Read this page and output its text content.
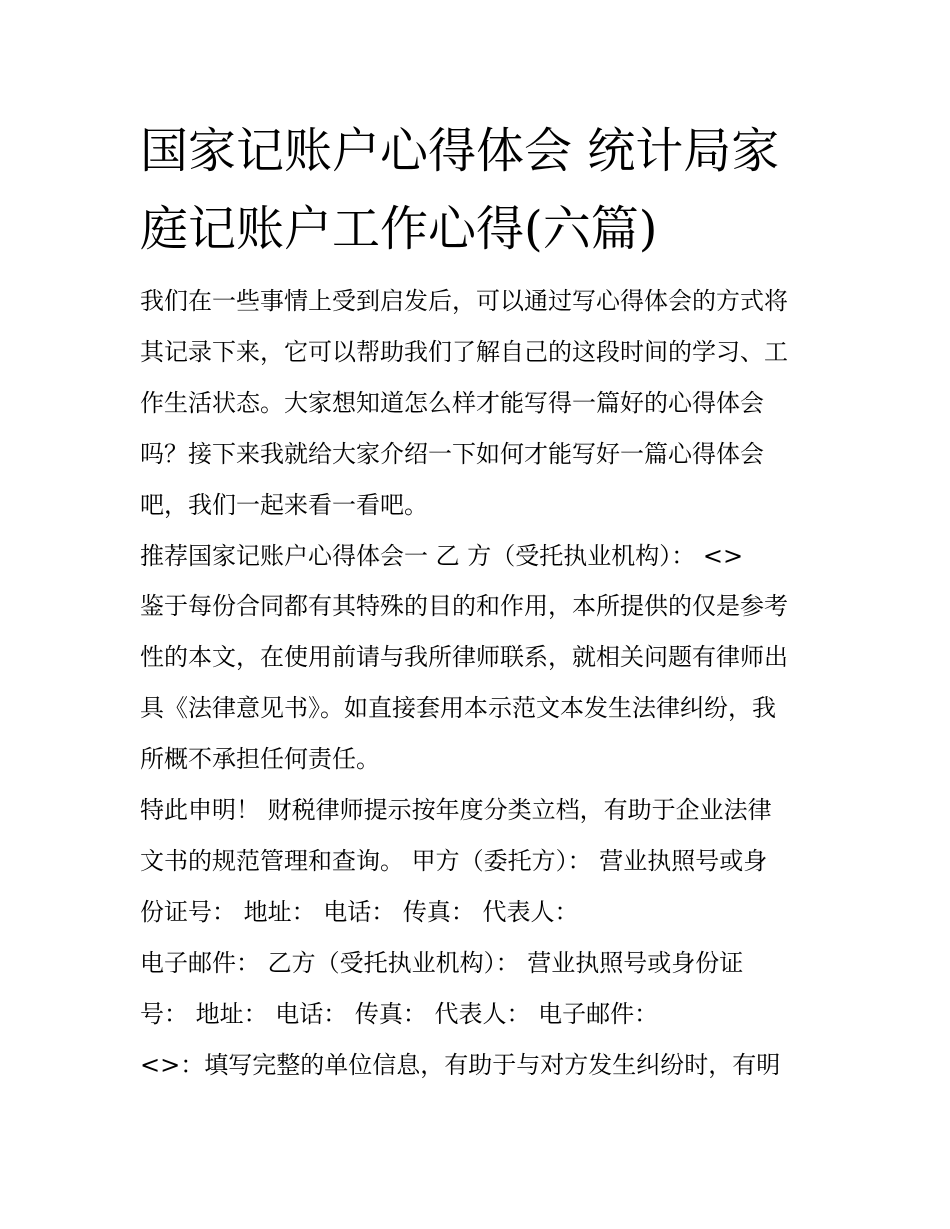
国家记账户心得体会 统计局家
庭记账户工作心得(六篇)
我们在一些事情上受到启发后，可以通过写心得体会的方式将
其记录下来，它可以帮助我们了解自己的这段时间的学习、工
作生活状态。大家想知道怎么样才能写得一篇好的心得体会
吗？接下来我就给大家介绍一下如何才能写好一篇心得体会
吧，我们一起来看一看吧。
推荐国家记账户心得体会一 乙 方（受托执业机构）： <>
鉴于每份合同都有其特殊的目的和作用，本所提供的仅是参考
性的本文，在使用前请与我所律师联系，就相关问题有律师出
具《法律意见书》。如直接套用本示范文本发生法律纠纷，我
所概不承担任何责任。
特此申明！ 财税律师提示按年度分类立档，有助于企业法律
文书的规范管理和查询。 甲方（委托方）： 营业执照号或身
份证号： 地址： 电话： 传真： 代表人：
电子邮件： 乙方（受托执业机构）： 营业执照号或身份证
号： 地址： 电话： 传真： 代表人： 电子邮件：
<>：填写完整的单位信息，有助于与对方发生纠纷时，有明
